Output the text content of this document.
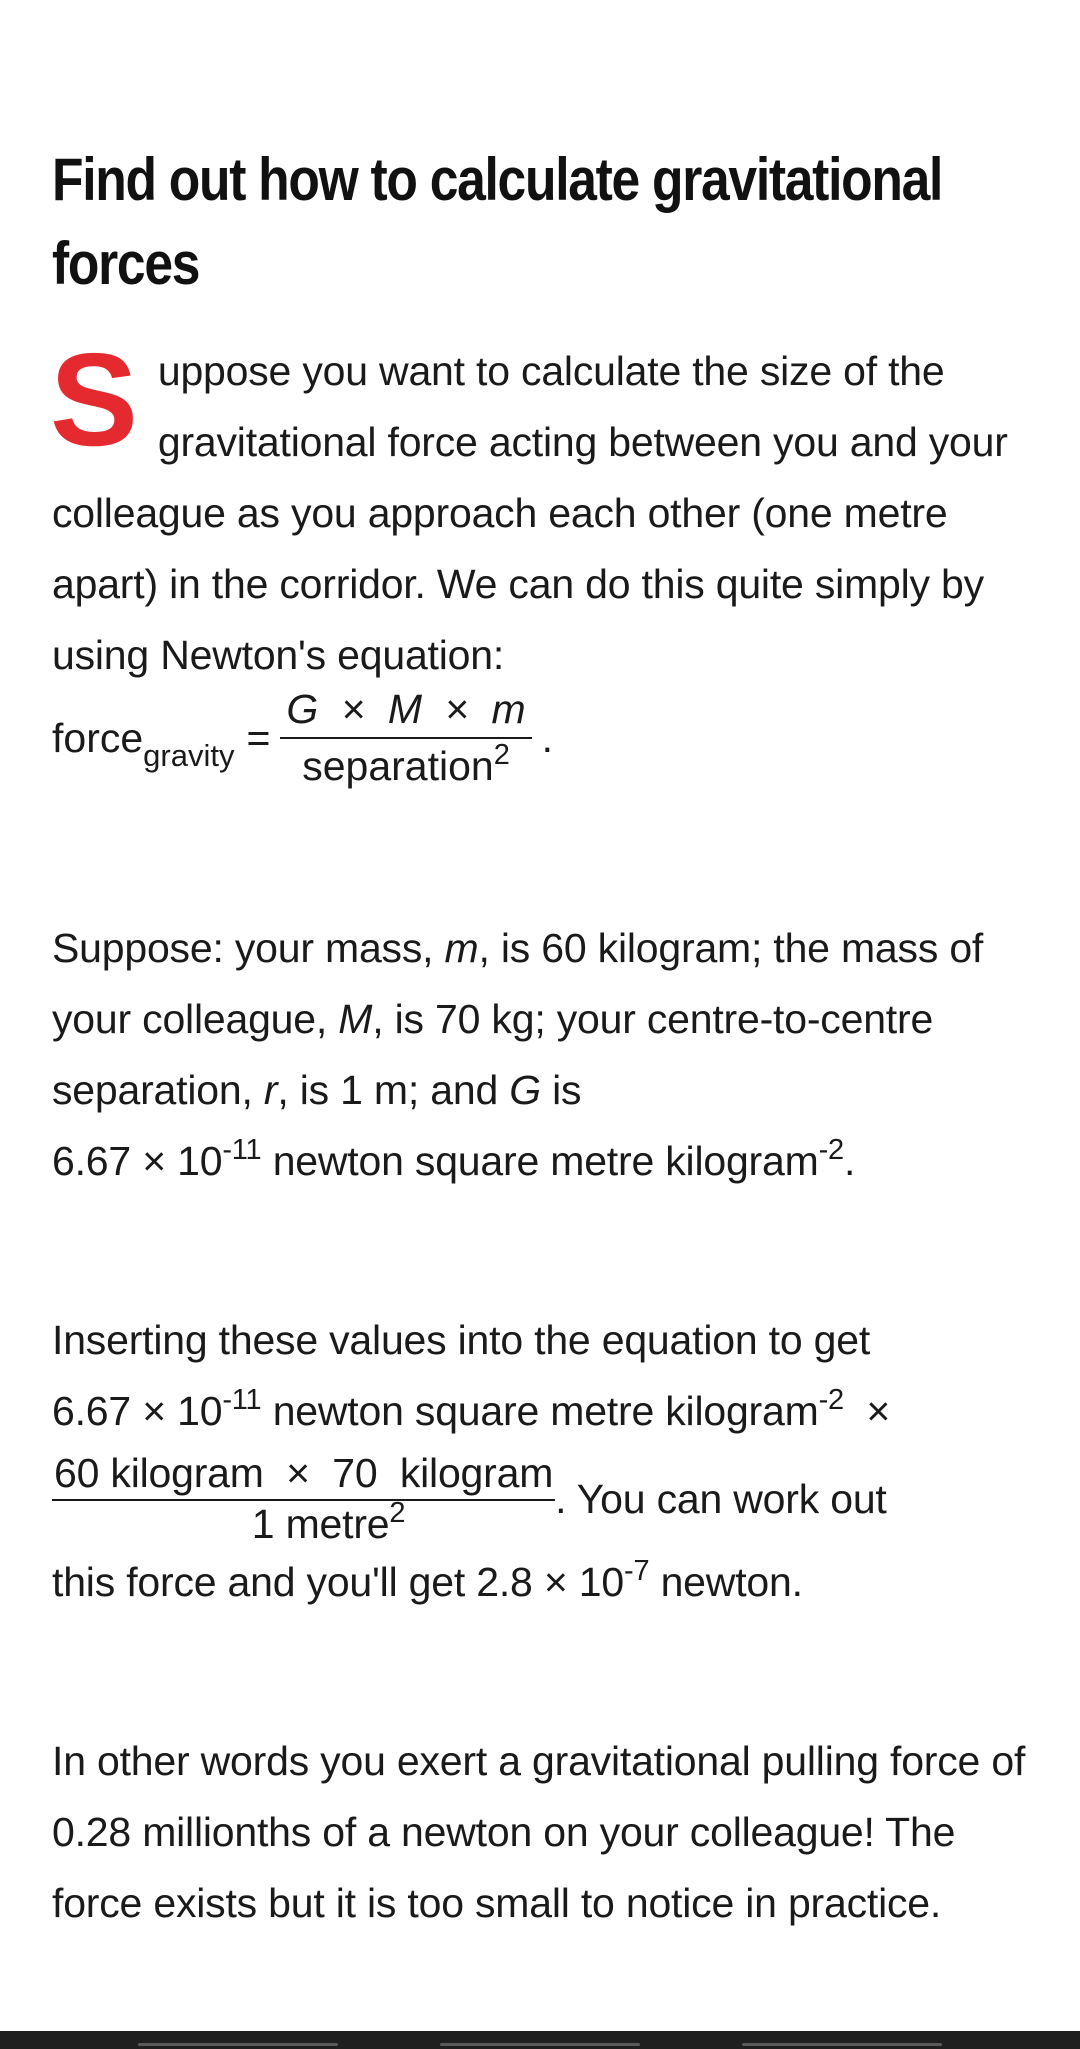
Find out how to calculate gravitational forces

Suppose you want to calculate the size of the gravitational force acting between you and your colleague as you approach each other (one metre apart) in the corridor. We can do this quite simply by using Newton's equation:

force gravity = $\frac{G \times M \times m}{separation^2}$ .

Suppose: your mass, m, is 60 kilogram; the mass of your colleague, M, is 70 kg; your centre-to-centre separation, r, is 1 m; and G is
$6.67 \times 10^{-11}$ newton square metre kilogram$^{-2}$.

Inserting these values into the equation to get
$6.67 \times 10^{-11}$ newton square metre kilogram$^{-2}$  ×

$\frac{\text{60 kilogram  ×  70  kilogram}}{1 metre^2}$ . You can work out

this force and you'll get $2.8 \times 10^{-7}$ newton.

In other words you exert a gravitational pulling force of 0.28 millionths of a newton on your colleague! The force exists but it is too small to notice in practice.
